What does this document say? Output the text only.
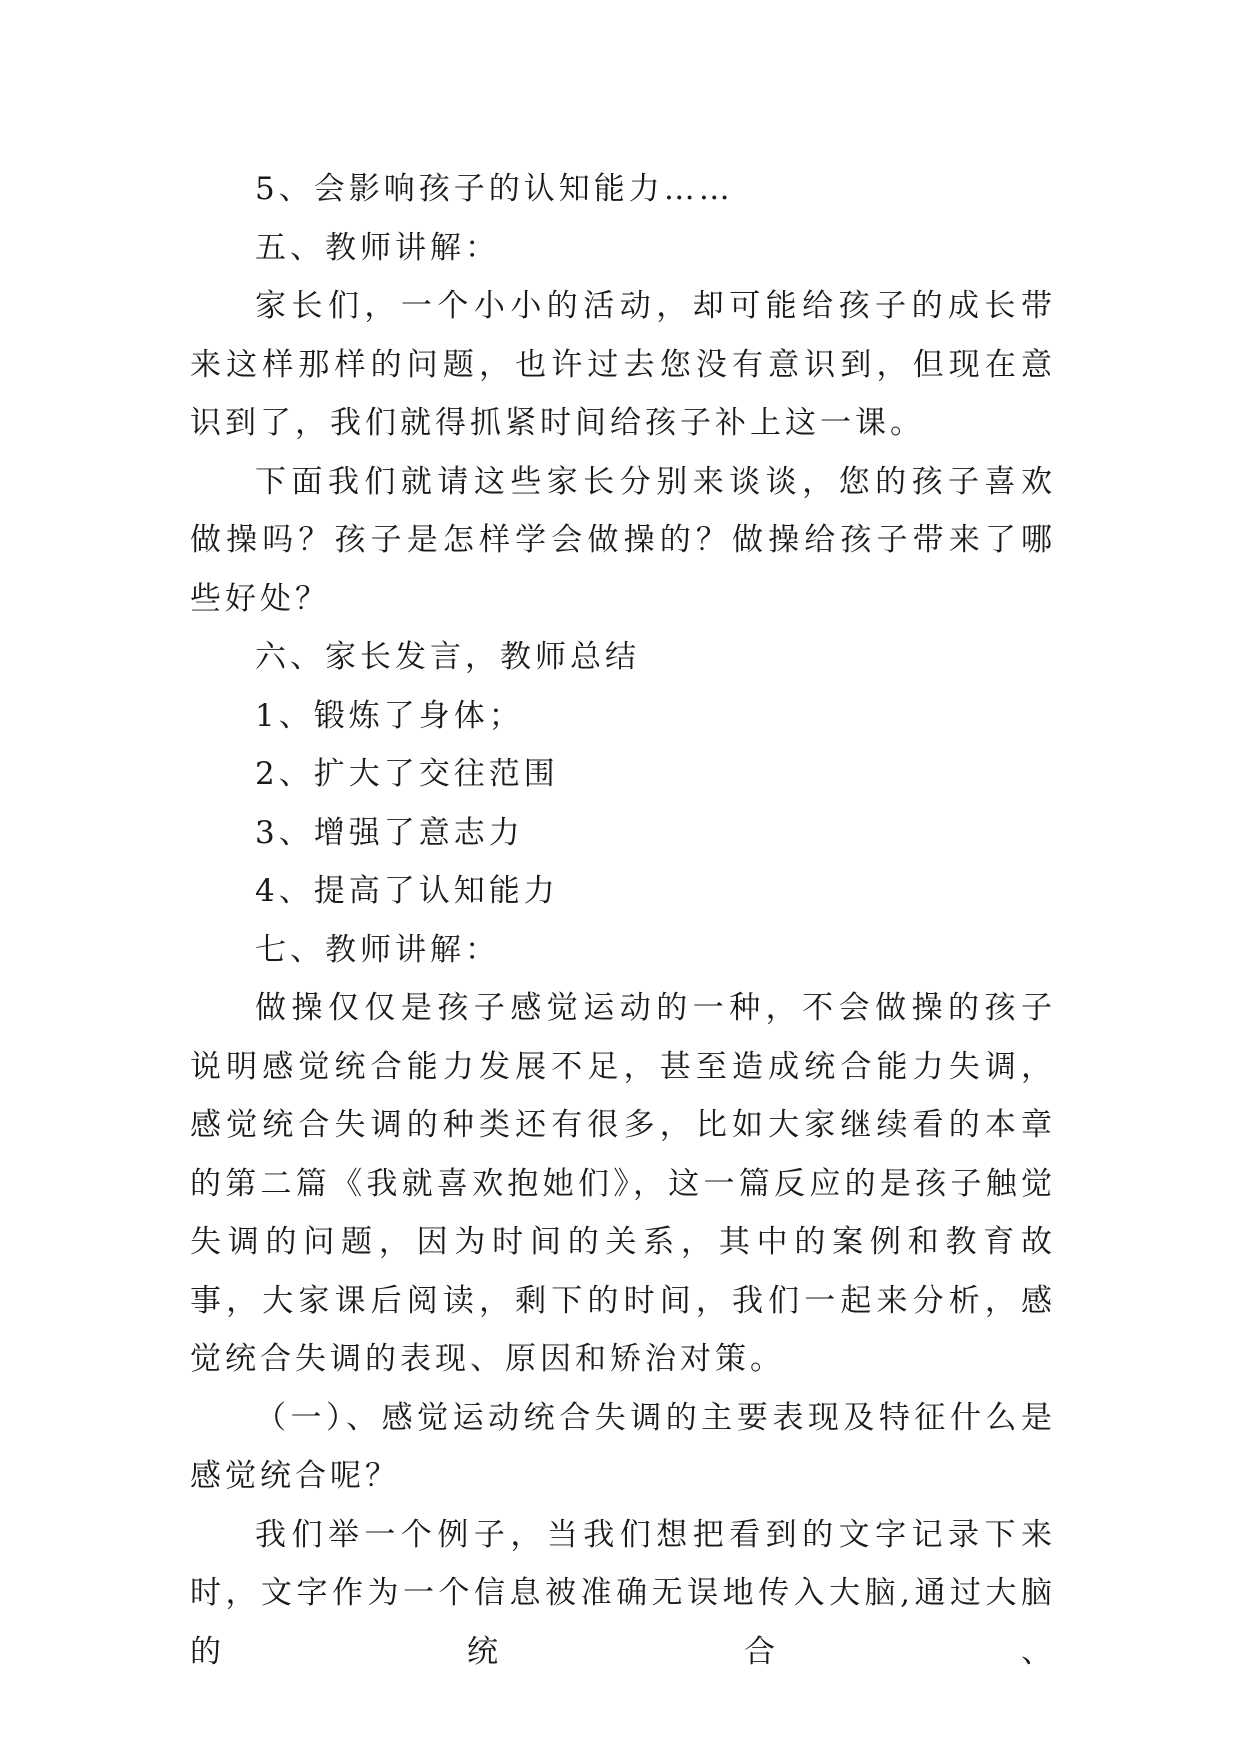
5、会影响孩子的认知能力……

五、教师讲解：

家长们，一个小小的活动，却可能给孩子的成长带来这样那样的问题，也许过去您没有意识到，但现在意识到了，我们就得抓紧时间给孩子补上这一课。

下面我们就请这些家长分别来谈谈，您的孩子喜欢做操吗？孩子是怎样学会做操的？做操给孩子带来了哪些好处？

六、家长发言，教师总结

1、锻炼了身体；

2、扩大了交往范围

3、增强了意志力

4、提高了认知能力

七、教师讲解：

做操仅仅是孩子感觉运动的一种，不会做操的孩子说明感觉统合能力发展不足，甚至造成统合能力失调，感觉统合失调的种类还有很多，比如大家继续看的本章的第二篇《我就喜欢抱她们》，这一篇反应的是孩子触觉失调的问题，因为时间的关系，其中的案例和教育故事，大家课后阅读，剩下的时间，我们一起来分析，感觉统合失调的表现、原因和矫治对策。

（一）、感觉运动统合失调的主要表现及特征什么是感觉统合呢？

我们举一个例子，当我们想把看到的文字记录下来时，文字作为一个信息被准确无误地传入大脑,通过大脑的统合、
